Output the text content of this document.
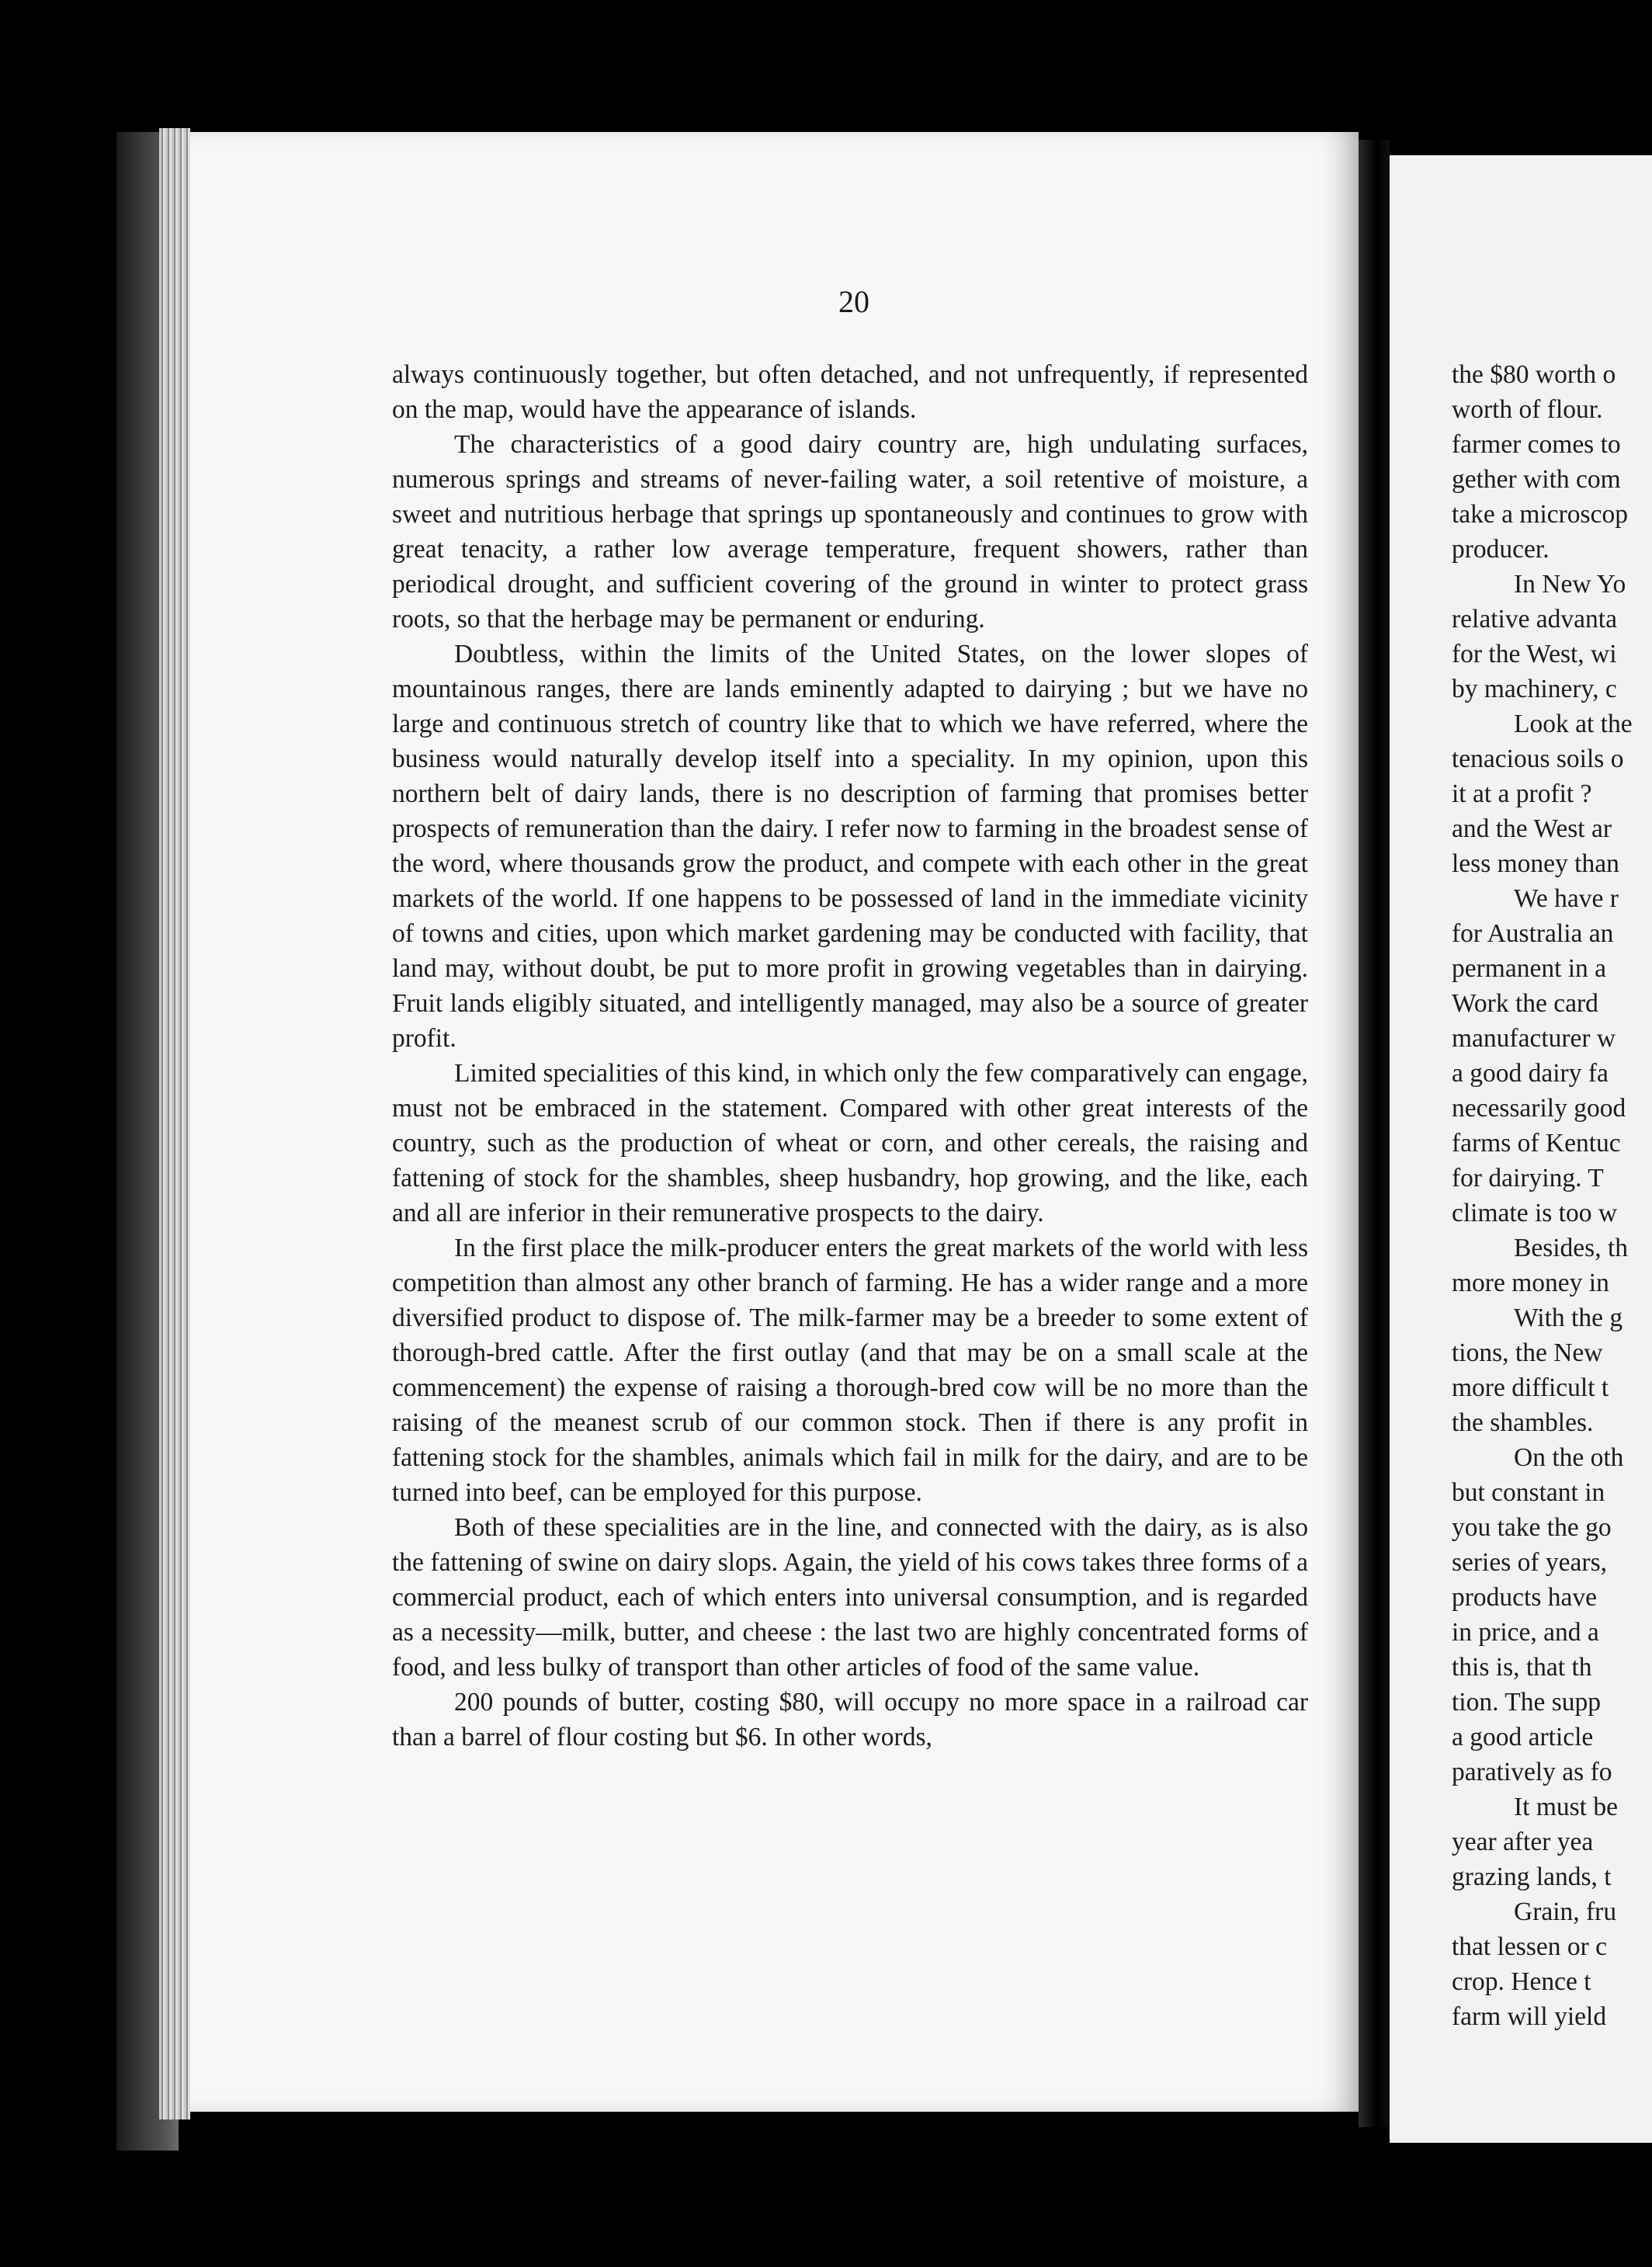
20

always continuously together, but often detached, and not unfrequently, if represented on the map, would have the appearance of islands.

The characteristics of a good dairy country are, high undulating surfaces, numerous springs and streams of never-failing water, a soil retentive of moisture, a sweet and nutritious herbage that springs up spontaneously and continues to grow with great tenacity, a rather low average temperature, frequent showers, rather than periodical drought, and sufficient covering of the ground in winter to protect grass roots, so that the herbage may be permanent or enduring.

Doubtless, within the limits of the United States, on the lower slopes of mountainous ranges, there are lands eminently adapted to dairying ; but we have no large and continuous stretch of country like that to which we have referred, where the business would naturally develop itself into a speciality. In my opinion, upon this northern belt of dairy lands, there is no description of farming that promises better prospects of remuneration than the dairy. I refer now to farming in the broadest sense of the word, where thousands grow the product, and compete with each other in the great markets of the world. If one happens to be possessed of land in the immediate vicinity of towns and cities, upon which market gardening may be conducted with facility, that land may, without doubt, be put to more profit in growing vegetables than in dairying. Fruit lands eligibly situated, and intelligently managed, may also be a source of greater profit.

Limited specialities of this kind, in which only the few comparatively can engage, must not be embraced in the statement. Compared with other great interests of the country, such as the production of wheat or corn, and other cereals, the raising and fattening of stock for the shambles, sheep husbandry, hop growing, and the like, each and all are inferior in their remunerative prospects to the dairy.

In the first place the milk-producer enters the great markets of the world with less competition than almost any other branch of farming. He has a wider range and a more diversified product to dispose of. The milk-farmer may be a breeder to some extent of thorough-bred cattle. After the first outlay (and that may be on a small scale at the commencement) the expense of raising a thorough-bred cow will be no more than the raising of the meanest scrub of our common stock. Then if there is any profit in fattening stock for the shambles, animals which fail in milk for the dairy, and are to be turned into beef, can be employed for this purpose.

Both of these specialities are in the line, and connected with the dairy, as is also the fattening of swine on dairy slops. Again, the yield of his cows takes three forms of a commercial product, each of which enters into universal consumption, and is regarded as a necessity—milk, butter, and cheese : the last two are highly concentrated forms of food, and less bulky of transport than other articles of food of the same value.

200 pounds of butter, costing $80, will occupy no more space in a railroad car than a barrel of flour costing but $6. In other words,

the $80 worth o
worth of flour.
farmer comes to
gether with com
take a microscop
producer.
In New Yo
relative advanta
for the West, wi
by machinery, c
Look at the
tenacious soils o
it at a profit ?
and the West ar
less money than
We have r
for Australia an
permanent in a
Work the card
manufacturer w
a good dairy fa
necessarily good
farms of Kentuc
for dairying. T
climate is too w
Besides, th
more money in
With the g
tions, the New
more difficult t
the shambles.
On the oth
but constant in
you take the go
series of years,
products have
in price, and a
this is, that th
tion. The supp
a good article
paratively as fo
It must be
year after yea
grazing lands, t
Grain, fru
that lessen or c
crop. Hence t
farm will yield
